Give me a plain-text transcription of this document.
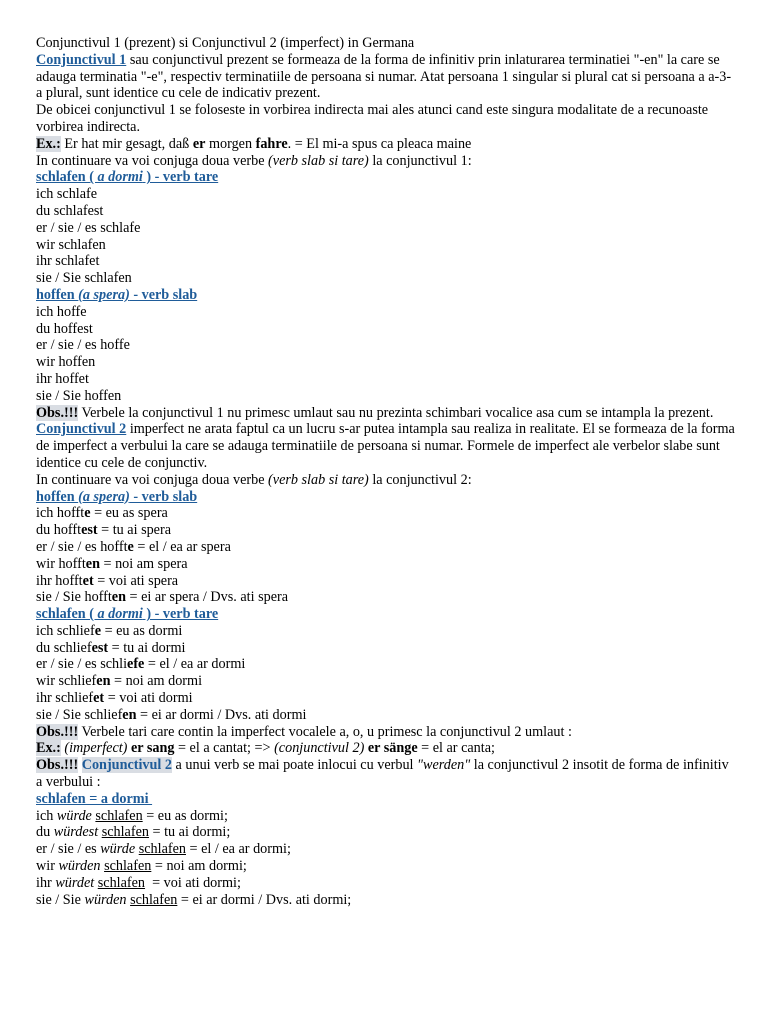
Conjunctivul 1 (prezent) si Conjunctivul 2 (imperfect) in Germana
Conjunctivul 1 sau conjunctivul prezent se formeaza de la forma de infinitiv prin inlaturarea terminatiei "-en" la care se adauga terminatia "-e", respectiv terminatiile de persoana si numar. Atat persoana 1 singular si plural cat si persoana a a-3-a plural, sunt identice cu cele de indicativ prezent.
De obicei conjunctivul 1 se foloseste in vorbirea indirecta mai ales atunci cand este singura modalitate de a recunoaste vorbirea indirecta.
Ex.: Er hat mir gesagt, daß er morgen fahre. = El mi-a spus ca pleaca maine
In continuare va voi conjuga doua verbe (verb slab si tare) la conjunctivul 1:
schlafen ( a dormi ) - verb tare
ich schlafe
du schlafest
er / sie / es schlafe
wir schlafen
ihr schlafet
sie / Sie schlafen
hoffen (a spera) - verb slab
ich hoffe
du hoffest
er / sie / es hoffe
wir hoffen
ihr hoffet
sie / Sie hoffen
Obs.!!! Verbele la conjunctivul 1 nu primesc umlaut sau nu prezinta schimbari vocalice asa cum se intampla la prezent.
Conjunctivul 2 imperfect ne arata faptul ca un lucru s-ar putea intampla sau realiza in realitate. El se formeaza de la forma de imperfect a verbului la care se adauga terminatiile de persoana si numar. Formele de imperfect ale verbelor slabe sunt identice cu cele de conjunctiv.
In continuare va voi conjuga doua verbe (verb slab si tare) la conjunctivul 2:
hoffen (a spera) - verb slab
ich hoffte = eu as spera
du hofftest = tu ai spera
er / sie / es hoffte = el / ea ar spera
wir hofften = noi am spera
ihr hofftet = voi ati spera
sie / Sie hofften = ei ar spera / Dvs. ati spera
schlafen ( a dormi ) - verb tare
ich schliefe = eu as dormi
du schliefest = tu ai dormi
er / sie / es schliefe = el / ea ar dormi
wir schliefen = noi am dormi
ihr schliefet = voi ati dormi
sie / Sie schliefen = ei ar dormi / Dvs. ati dormi
Obs.!!! Verbele tari care contin la imperfect vocalele a, o, u primesc la conjunctivul 2 umlaut :
Ex.: (imperfect) er sang = el a cantat; => (conjunctivul 2) er sänge = el ar canta;
Obs.!!! Conjunctivul 2 a unui verb se mai poate inlocui cu verbul "werden" la conjunctivul 2 insotit de forma de infinitiv a verbului :
schlafen = a dormi
ich würde schlafen = eu as dormi;
du würdest schlafen = tu ai dormi;
er / sie / es würde schlafen = el / ea ar dormi;
wir würden schlafen = noi am dormi;
ihr würdet schlafen  = voi ati dormi;
sie / Sie würden schlafen = ei ar dormi / Dvs. ati dormi;
